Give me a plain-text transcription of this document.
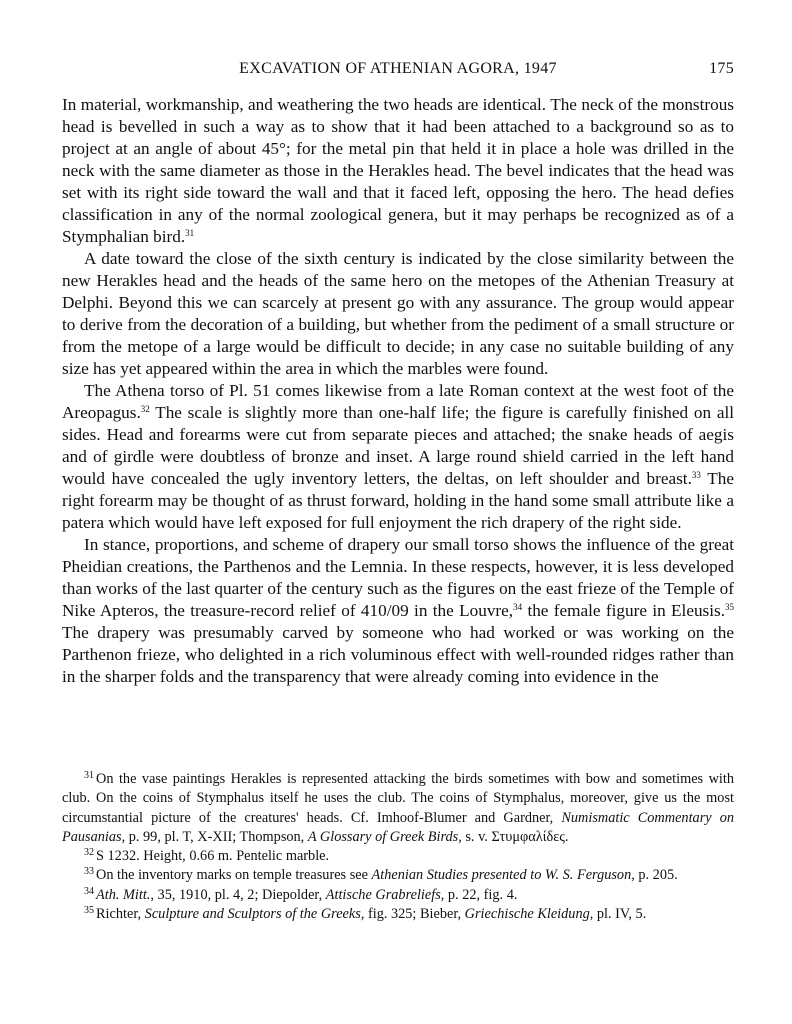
EXCAVATION OF ATHENIAN AGORA, 1947	175

In material, workmanship, and weathering the two heads are identical. The neck of the monstrous head is bevelled in such a way as to show that it had been attached to a background so as to project at an angle of about 45°; for the metal pin that held it in place a hole was drilled in the neck with the same diameter as those in the Herakles head. The bevel indicates that the head was set with its right side toward the wall and that it faced left, opposing the hero. The head defies classification in any of the normal zoological genera, but it may perhaps be recognized as of a Stymphalian bird.$^{31}$

A date toward the close of the sixth century is indicated by the close similarity between the new Herakles head and the heads of the same hero on the metopes of the Athenian Treasury at Delphi. Beyond this we can scarcely at present go with any assurance. The group would appear to derive from the decoration of a building, but whether from the pediment of a small structure or from the metope of a large would be difficult to decide; in any case no suitable building of any size has yet appeared within the area in which the marbles were found.

The Athena torso of Pl. 51 comes likewise from a late Roman context at the west foot of the Areopagus.$^{32}$ The scale is slightly more than one-half life; the figure is carefully finished on all sides. Head and forearms were cut from separate pieces and attached; the snake heads of aegis and of girdle were doubtless of bronze and inset. A large round shield carried in the left hand would have concealed the ugly inventory letters, the deltas, on left shoulder and breast.$^{33}$ The right forearm may be thought of as thrust forward, holding in the hand some small attribute like a patera which would have left exposed for full enjoyment the rich drapery of the right side.

In stance, proportions, and scheme of drapery our small torso shows the influence of the great Pheidian creations, the Parthenos and the Lemnia. In these respects, however, it is less developed than works of the last quarter of the century such as the figures on the east frieze of the Temple of Nike Apteros, the treasure-record relief of 410/09 in the Louvre,$^{34}$ the female figure in Eleusis.$^{35}$ The drapery was presumably carved by someone who had worked or was working on the Parthenon frieze, who delighted in a rich voluminous effect with well-rounded ridges rather than in the sharper folds and the transparency that were already coming into evidence in the

$^{31}$ On the vase paintings Herakles is represented attacking the birds sometimes with bow and sometimes with club. On the coins of Stymphalus itself he uses the club. The coins of Stymphalus, moreover, give us the most circumstantial picture of the creatures' heads. Cf. Imhoof-Blumer and Gardner, Numismatic Commentary on Pausanias, p. 99, pl. T, X-XII; Thompson, A Glossary of Greek Birds, s. v. Στυμφαλίδες.

$^{32}$ S 1232. Height, 0.66 m. Pentelic marble.

$^{33}$ On the inventory marks on temple treasures see Athenian Studies presented to W. S. Ferguson, p. 205.

$^{34}$ Ath. Mitt., 35, 1910, pl. 4, 2; Diepolder, Attische Grabreliefs, p. 22, fig. 4.

$^{35}$ Richter, Sculpture and Sculptors of the Greeks, fig. 325; Bieber, Griechische Kleidung, pl. IV, 5.
